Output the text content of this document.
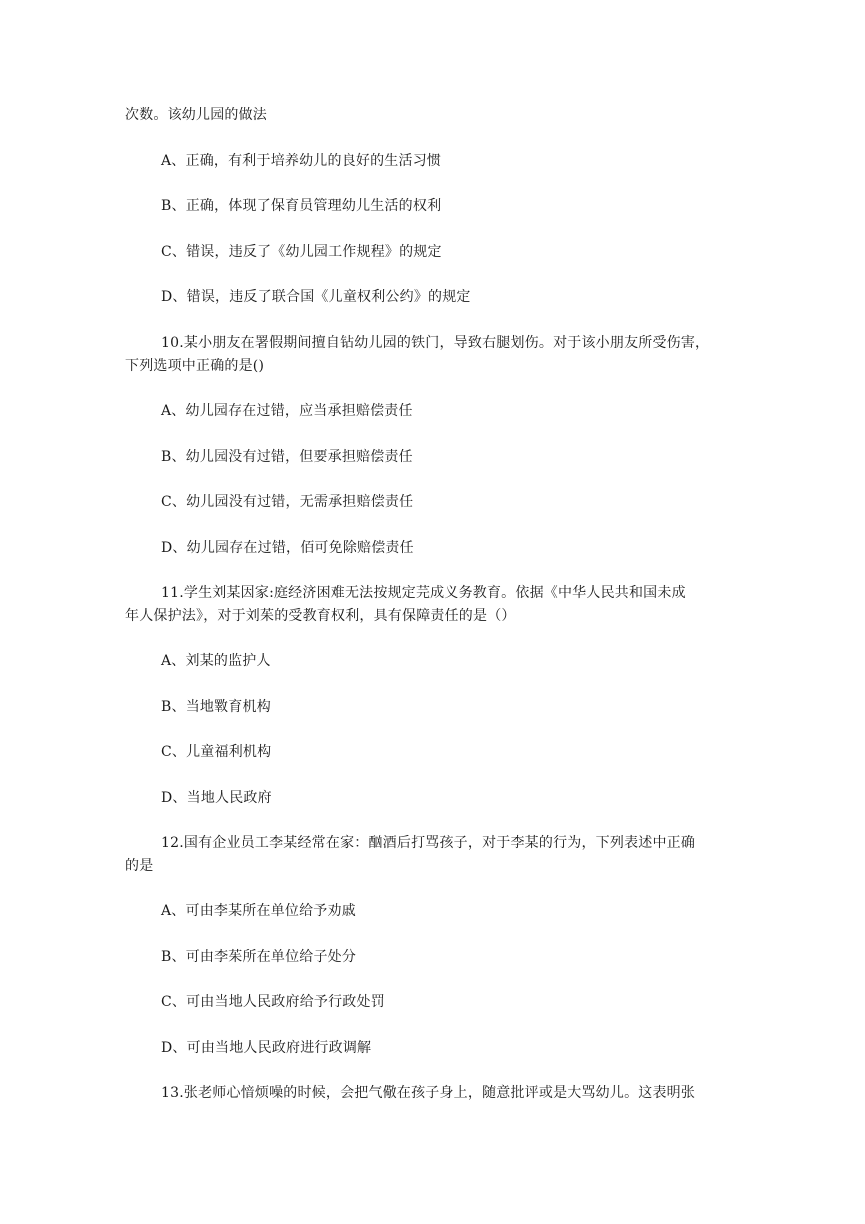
次数。该幼儿园的做法
A、正确，有利于培养幼儿的良好的生活习惯
B、正确，体现了保育员管理幼儿生活的权利
C、错误，违反了《幼儿园工作规程》的规定
D、错误，违反了联合国《儿童权利公约》的规定
10.某小朋友在署假期间擅自钻幼儿园的铁门，导致右腿划伤。对于该小朋友所受伤害，
下列选项中正确的是()
A、幼儿园存在过错，应当承担赔偿责任
B、幼儿园没有过错，但要承担赔偿责任
C、幼儿园没有过错，无需承担赔偿责任
D、幼儿园存在过错，佰可免除赔偿责任
11.学生刘某因家:庭经济困难无法按规定芫成义务教育。依据《中华人民共和国未成
年人保护法》，对于刘茱的受教育权利，具有保障责任的是（）
A、刘某的监护人
B、当地斁育机构
C、儿童福利机构
D、当地人民政府
12.国有企业员工李某经常在家：酗酒后打骂孩子，对于李某的行为，下列表述中正确
的是
A、可由李某所在单位给予劝戚
B、可由李茱所在单位给子处分
C、可由当地人民政府给予行政处罚
D、可由当地人民政府进行政调解
13.张老师心愔烦噪的时候，会把气儆在孩子身上，随意批评或是大骂幼儿。这表明张
